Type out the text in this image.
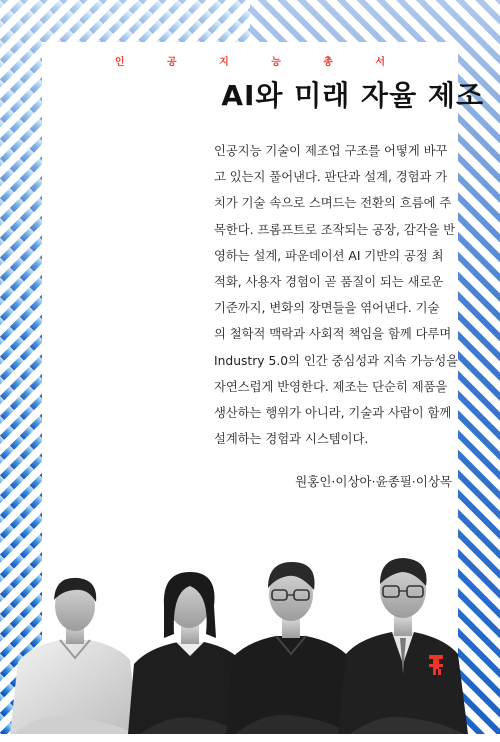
인	공	지	능	총	서
AI와 미래 자율 제조
인공지능 기술이 제조업 구조를 어떻게 바꾸
고 있는지 풀어낸다. 판단과 설계, 경험과 가
치가 기술 속으로 스며드는 전환의 흐름에 주
목한다. 프롬프트로 조작되는 공장, 감각을 반
영하는 설계, 파운데이션 AI 기반의 공정 최
적화, 사용자 경험이 곧 품질이 되는 새로운
기준까지, 변화의 장면들을 엮어낸다. 기술
의 철학적 맥락과 사회적 책임을 함께 다루며
Industry 5.0의 인간 중심성과 지속 가능성을
자연스럽게 반영한다. 제조는 단순히 제품을
생산하는 행위가 아니라, 기술과 사람이 함께
설계하는 경험과 시스템이다.
원홍인·이상아·윤종필·이상목
